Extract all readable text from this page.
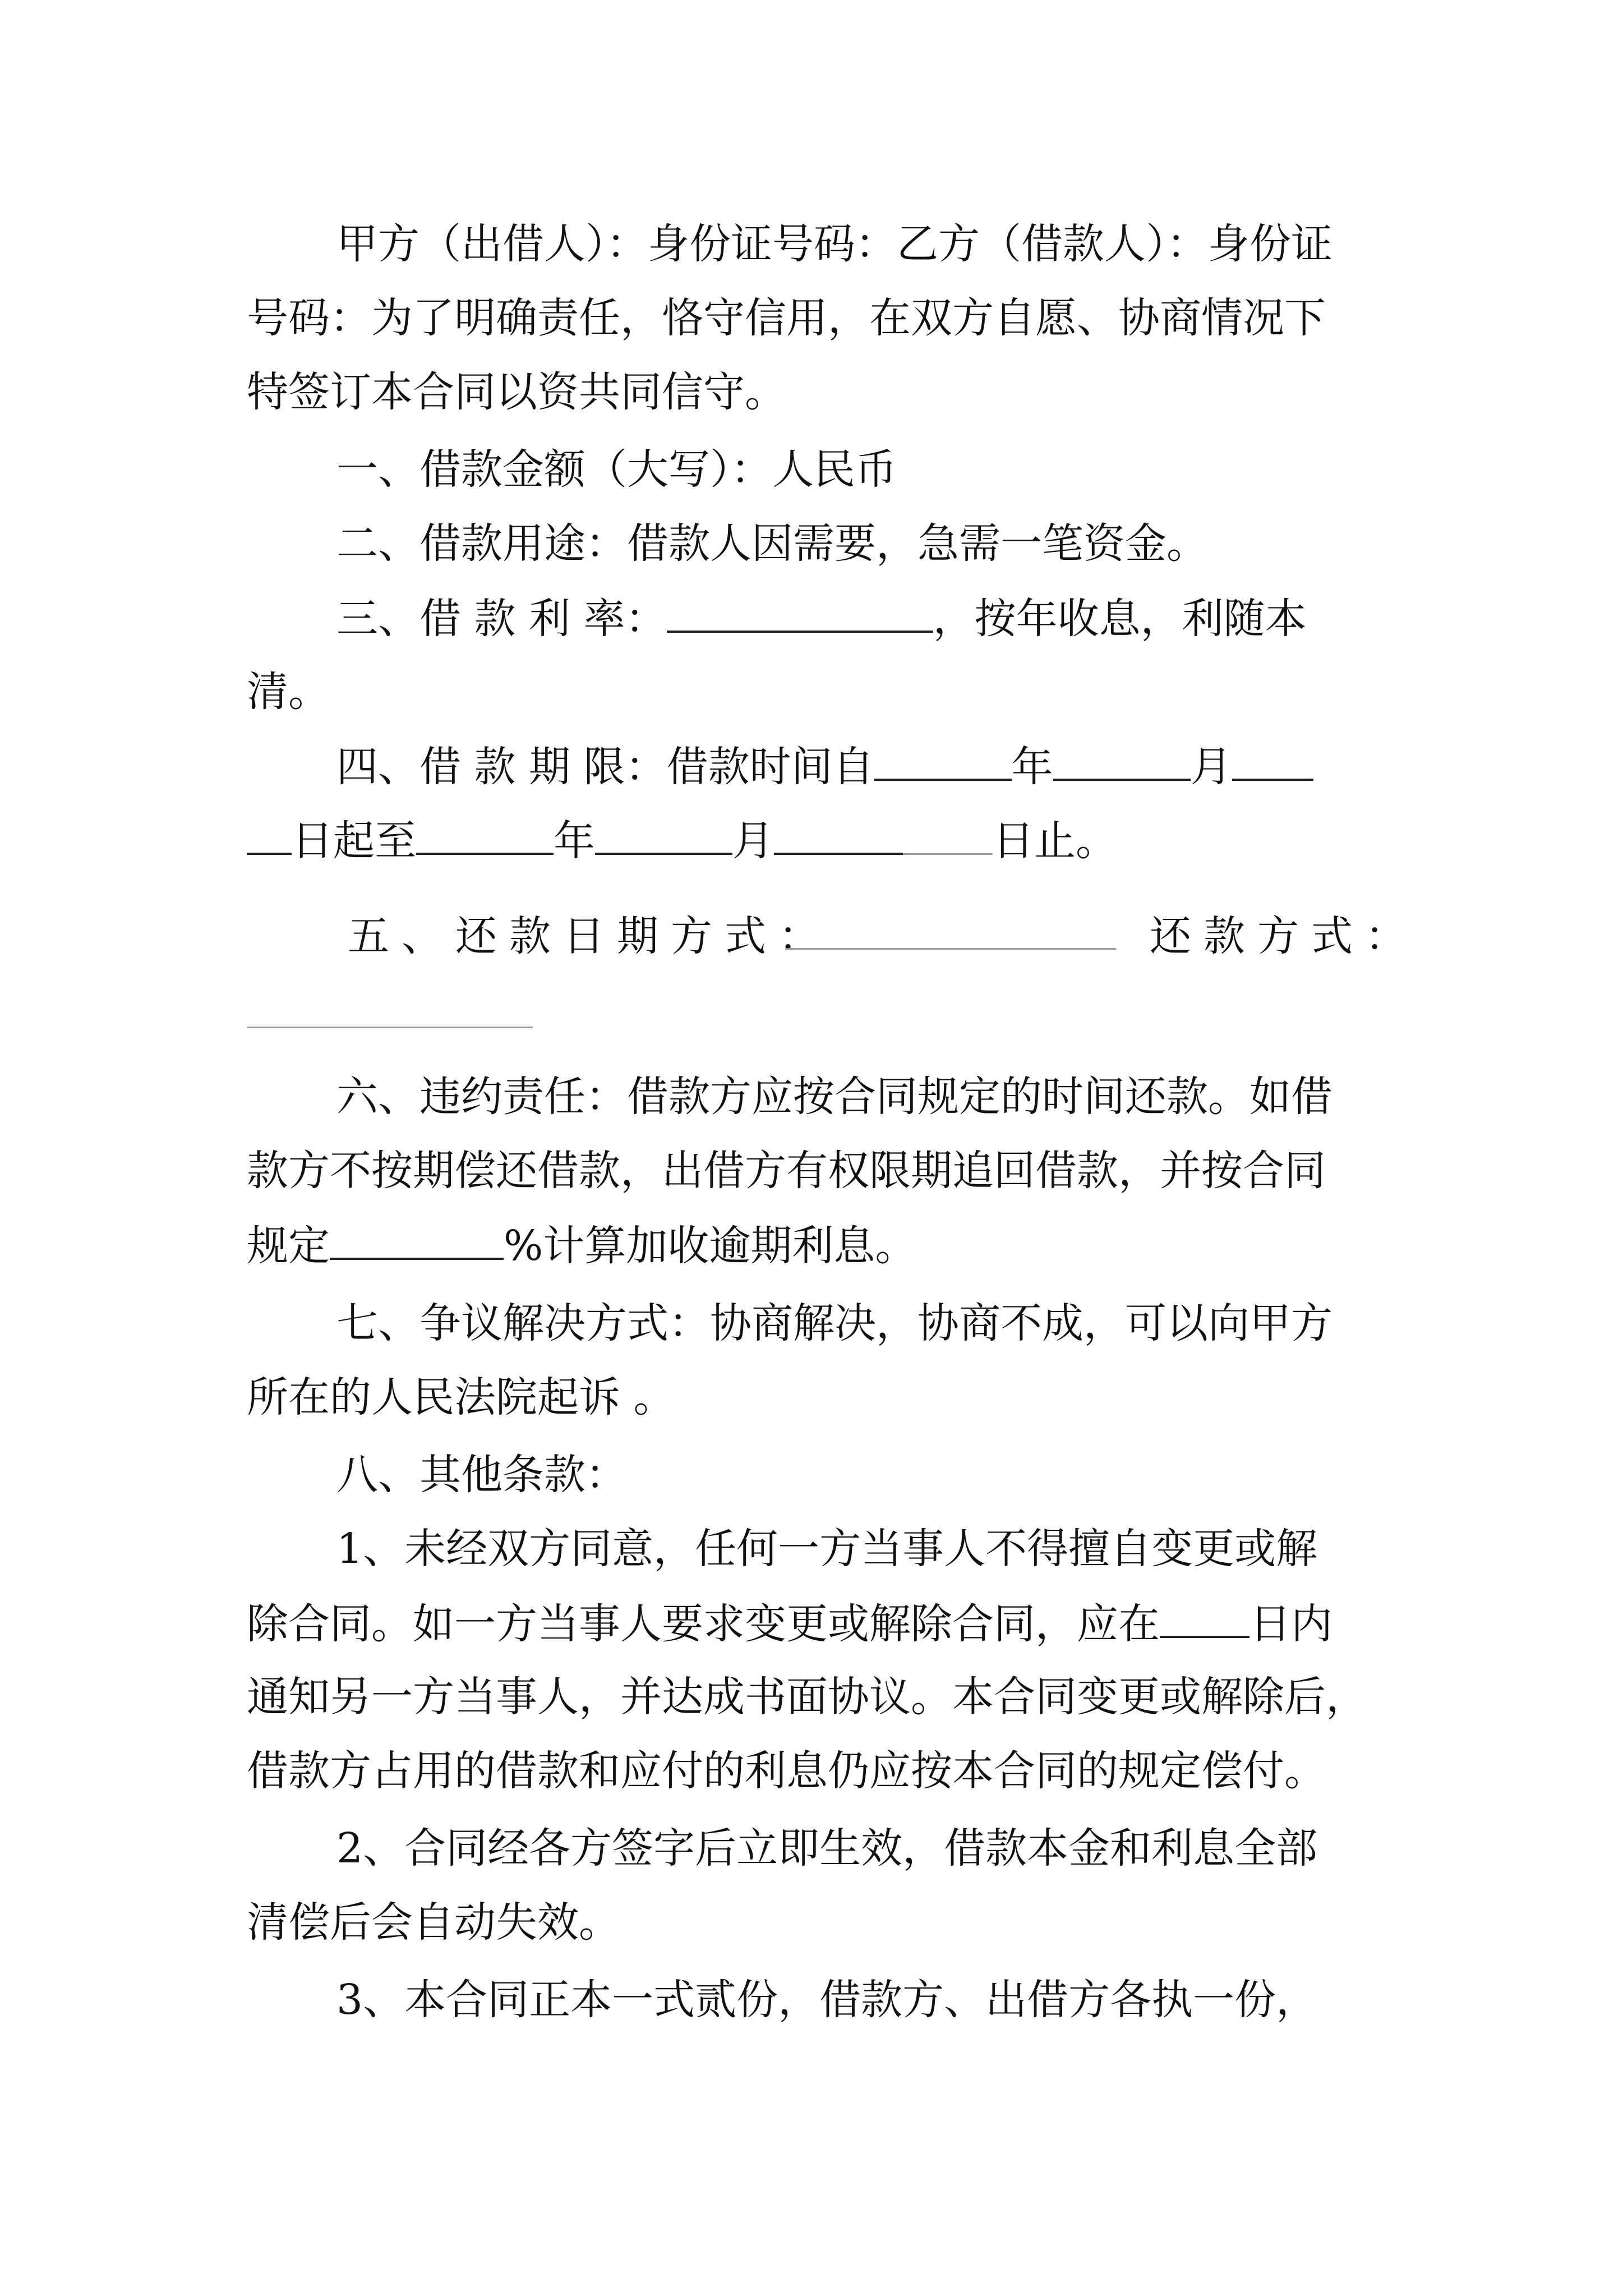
甲方（出借人）：身份证号码：乙方（借款人）：身份证
号码：为了明确责任，恪守信用，在双方自愿、协商情况下
特签订本合同以资共同信守。
一、借款金额（大写）：人民币
二、借款用途：借款人因需要，急需一笔资金。
三、借 款 利 率：	，按年收息，利随本
清。
四、借 款 期 限：借款时间自	年	月
日起至	年	月	日止。
五、还款日期方式：	还款方式：
六、违约责任：借款方应按合同规定的时间还款。如借
款方不按期偿还借款，出借方有权限期追回借款，并按合同
规定	%计算加收逾期利息。
七、争议解决方式：协商解决，协商不成，可以向甲方
所在的人民法院起诉 。
八、其他条款：
1、未经双方同意，任何一方当事人不得擅自变更或解
除合同。如一方当事人要求变更或解除合同，应在 日内
通知另一方当事人，并达成书面协议。本合同变更或解除后，
借款方占用的借款和应付的利息仍应按本合同的规定偿付。
2、合同经各方签字后立即生效，借款本金和利息全部
清偿后会自动失效。
3、本合同正本一式贰份，借款方、出借方各执一份，
